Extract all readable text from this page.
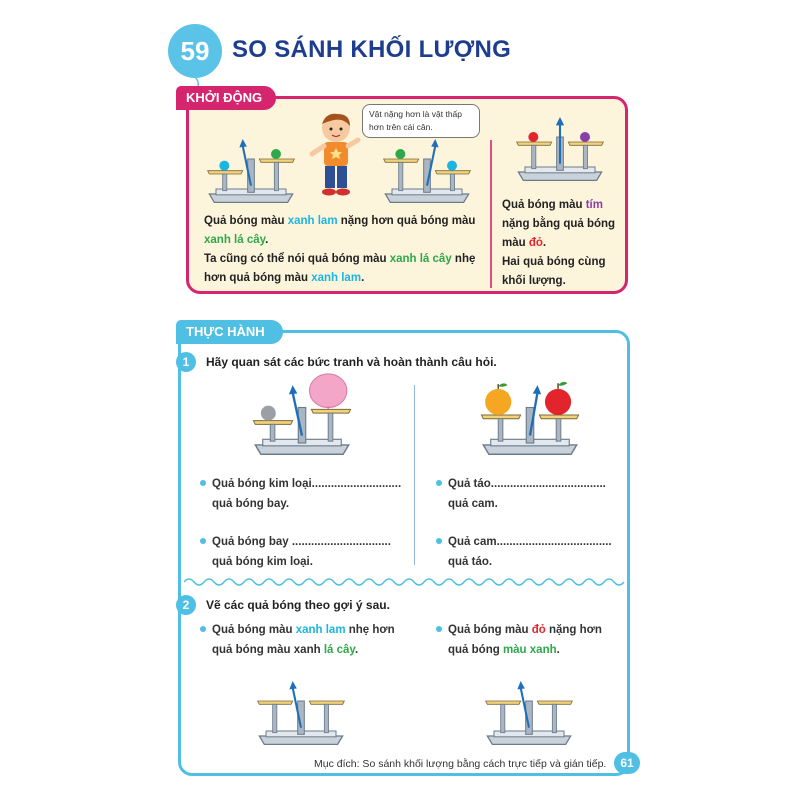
59 SO SÁNH KHỐI LƯỢNG
KHỞI ĐỘNG
Vật nặng hơn là vật thấp hơn trên cái cân.
Quả bóng màu xanh lam nặng hơn quả bóng màu
xanh lá cây.
Ta cũng có thể nói quả bóng màu xanh lá cây nhẹ
hơn quả bóng màu xanh lam.
Quả bóng màu tím
nặng bằng quả bóng
màu đỏ.
Hai quả bóng cùng
khối lượng.
THỰC HÀNH
1	Hãy quan sát các bức tranh và hoàn thành câu hỏi.
Quả bóng kim loại............................
quả bóng bay.
Quả bóng bay ...............................
quả bóng kim loại.
Quả táo....................................
quả cam.
Quả cam....................................
quả táo.
2	Vẽ các quả bóng theo gợi ý sau.
Quả bóng màu xanh lam nhẹ hơn
quả bóng màu xanh lá cây.
Quả bóng màu đỏ nặng hơn
quả bóng màu xanh.
Mục đích: So sánh khối lượng bằng cách trực tiếp và gián tiếp.	61
